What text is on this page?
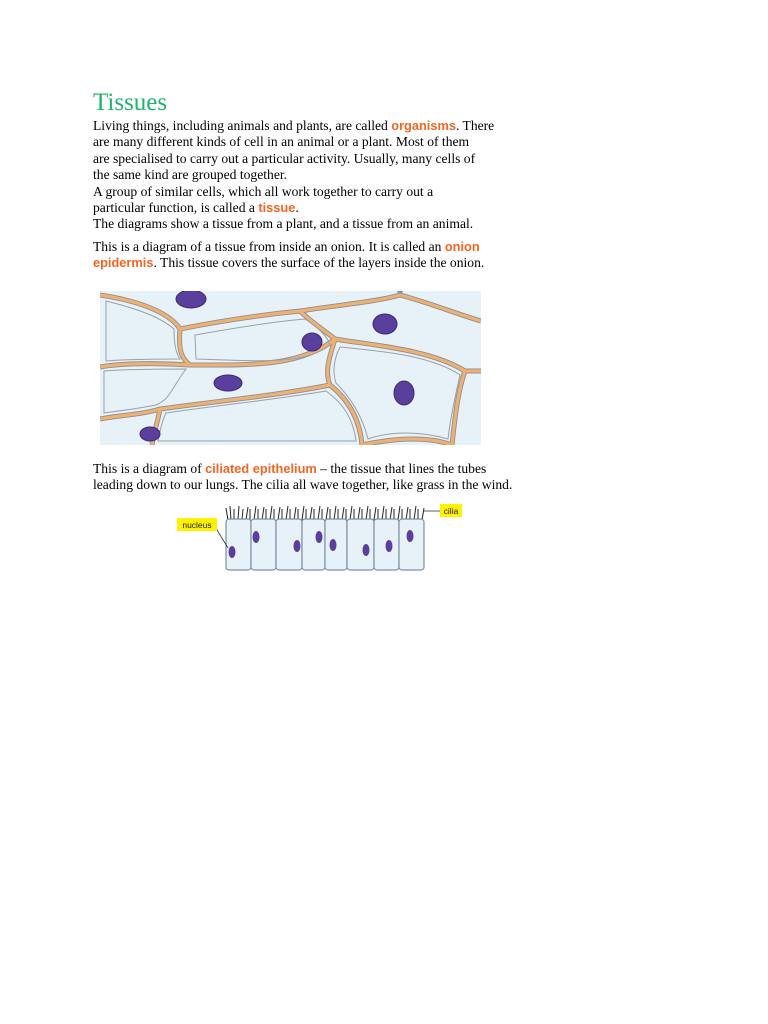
Tissues

Living things, including animals and plants, are called organisms. There
are many different kinds of cell in an animal or a plant. Most of them
are specialised to carry out a particular activity. Usually, many cells of
the same kind are grouped together.
A group of similar cells, which all work together to carry out a
particular function, is called a tissue.
The diagrams show a tissue from a plant, and a tissue from an animal.

This is a diagram of a tissue from inside an onion. It is called an onion
epidermis. This tissue covers the surface of the layers inside the onion.

This is a diagram of ciliated epithelium – the tissue that lines the tubes
leading down to our lungs. The cilia all wave together, like grass in the wind.

nucleus
cilia
